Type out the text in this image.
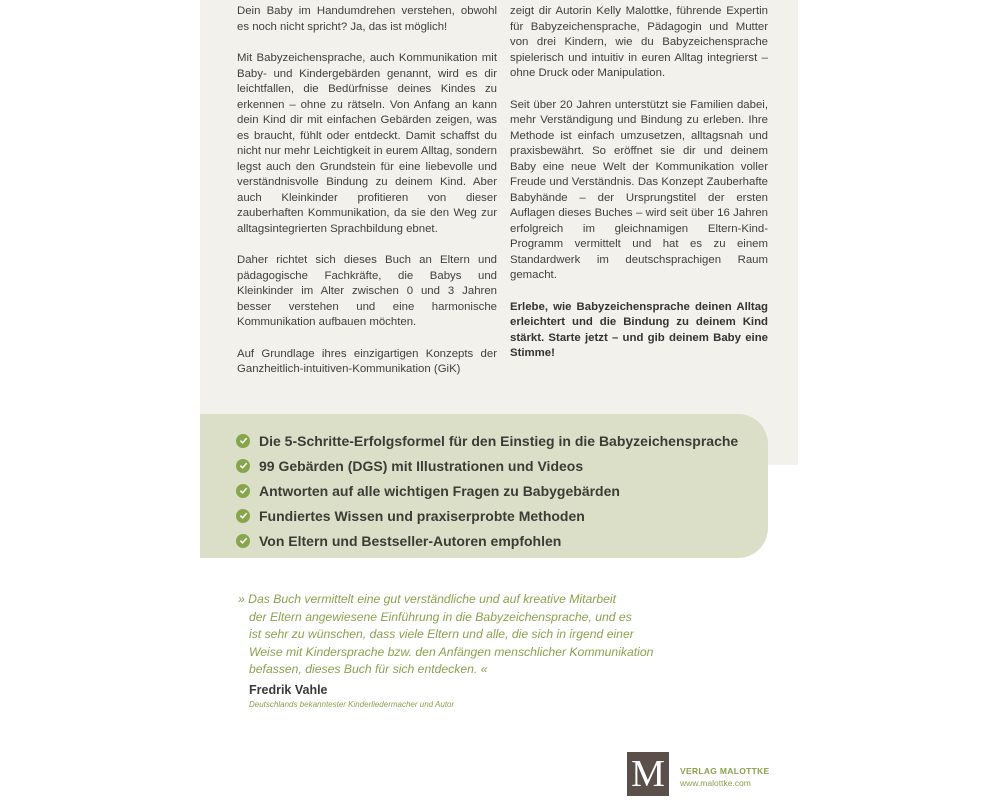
Dein Baby im Handumdrehen verstehen, obwohl es noch nicht spricht? Ja, das ist möglich!

Mit Babyzeichensprache, auch Kommunikation mit Baby- und Kindergebärden genannt, wird es dir leichtfallen, die Bedürfnisse deines Kindes zu erkennen – ohne zu rätseln. Von Anfang an kann dein Kind dir mit einfachen Gebärden zeigen, was es braucht, fühlt oder entdeckt. Damit schaffst du nicht nur mehr Leichtigkeit in eurem Alltag, sondern legst auch den Grundstein für eine liebevolle und verständnisvolle Bindung zu deinem Kind. Aber auch Kleinkinder profitieren von dieser zauberhaften Kommunikation, da sie den Weg zur alltagsintegrierten Sprachbildung ebnet.

Daher richtet sich dieses Buch an Eltern und pädagogische Fachkräfte, die Babys und Kleinkinder im Alter zwischen 0 und 3 Jahren besser verstehen und eine harmonische Kommunikation aufbauen möchten.

Auf Grundlage ihres einzigartigen Konzepts der Ganzheitlich-intuitiven-Kommunikation (GiK)

zeigt dir Autorin Kelly Malottke, führende Expertin für Babyzeichensprache, Pädagogin und Mutter von drei Kindern, wie du Babyzeichensprache spielerisch und intuitiv in euren Alltag integrierst – ohne Druck oder Manipulation.

Seit über 20 Jahren unterstützt sie Familien dabei, mehr Verständigung und Bindung zu erleben. Ihre Methode ist einfach umzusetzen, alltagsnah und praxisbewährt. So eröffnet sie dir und deinem Baby eine neue Welt der Kommunikation voller Freude und Verständnis. Das Konzept Zauberhafte Babyhände – der Ursprungstitel der ersten Auflagen dieses Buches – wird seit über 16 Jahren erfolgreich im gleichnamigen Eltern-Kind-Programm vermittelt und hat es zu einem Standardwerk im deutschsprachigen Raum gemacht.

Erlebe, wie Babyzeichensprache deinen Alltag erleichtert und die Bindung zu deinem Kind stärkt. Starte jetzt – und gib deinem Baby eine Stimme!

Die 5-Schritte-Erfolgsformel für den Einstieg in die Babyzeichensprache
99 Gebärden (DGS) mit Illustrationen und Videos
Antworten auf alle wichtigen Fragen zu Babygebärden
Fundiertes Wissen und praxiserprobte Methoden
Von Eltern und Bestseller-Autoren empfohlen
» Das Buch vermittelt eine gut verständliche und auf kreative Mitarbeit
der Eltern angewiesene Einführung in die Babyzeichensprache, und es
ist sehr zu wünschen, dass viele Eltern und alle, die sich in irgend einer
Weise mit Kindersprache bzw. den Anfängen menschlicher Kommunikation
befassen, dieses Buch für sich entdecken. «
Fredrik Vahle
Deutschlands bekanntester Kinderliedermacher und Autor
M VERLAG MALOTTKE
www.malottke.com
